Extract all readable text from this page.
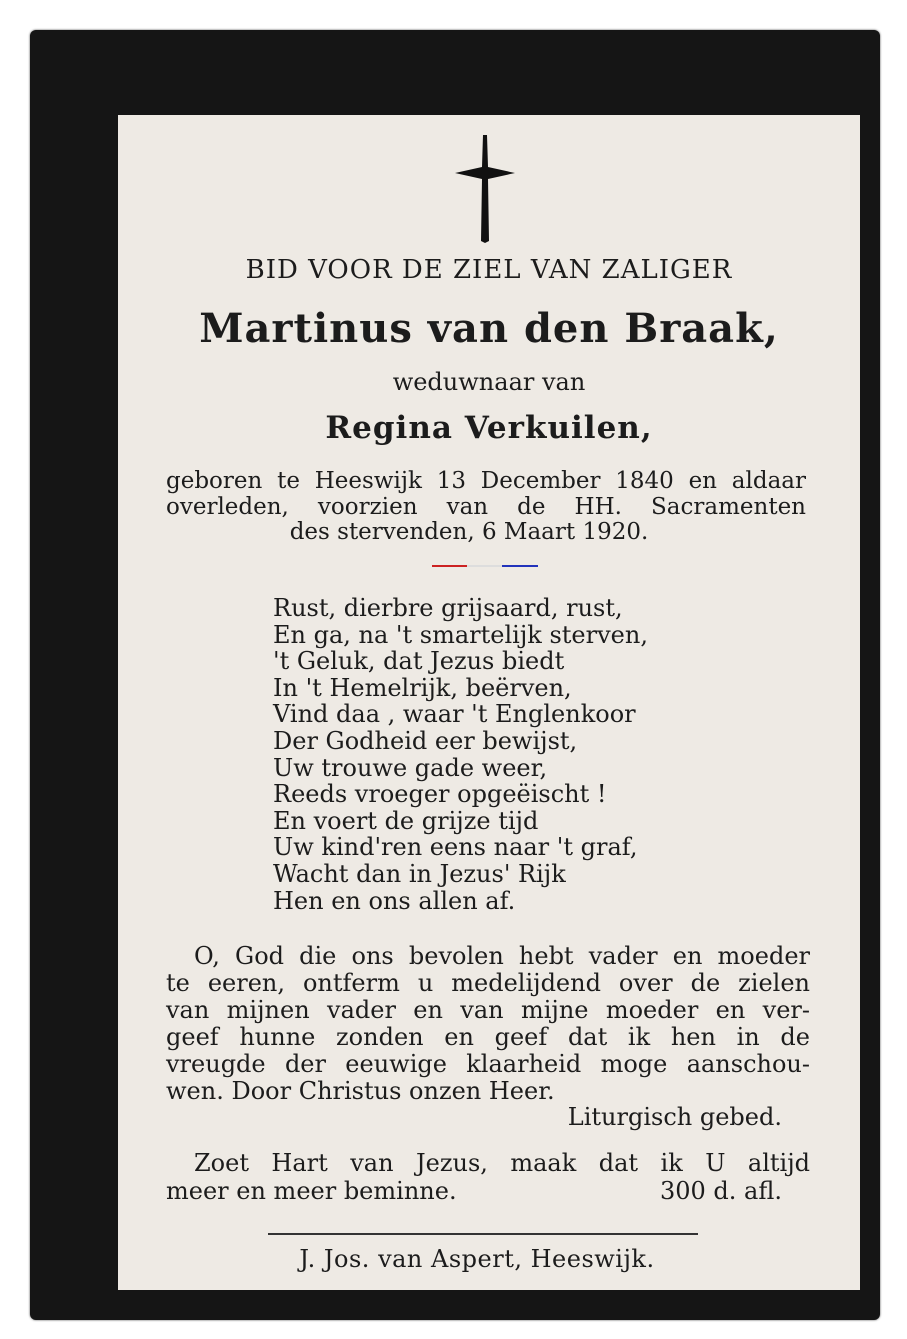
BID VOOR DE ZIEL VAN ZALIGER
Martinus van den Braak,
weduwnaar van
Regina Verkuilen,
geboren te Heeswijk 13 December 1840 en aldaar
overleden, voorzien van de HH. Sacramenten
des stervenden, 6 Maart 1920.
Rust, dierbre grijsaard, rust,
En ga, na 't smartelijk sterven,
't Geluk, dat Jezus biedt
In 't Hemelrijk, beërven,
Vind daa , waar 't Englenkoor
Der Godheid eer bewijst,
Uw trouwe gade weer,
Reeds vroeger opgeëischt !
En voert de grijze tijd
Uw kind'ren eens naar 't graf,
Wacht dan in Jezus' Rijk
Hen en ons allen af.
O, God die ons bevolen hebt vader en moeder
te eeren, ontferm u medelijdend over de zielen
van mijnen vader en van mijne moeder en ver-
geef hunne zonden en geef dat ik hen in de
vreugde der eeuwige klaarheid moge aanschou-
wen. Door Christus onzen Heer.
Liturgisch gebed.
Zoet Hart van Jezus, maak dat ik U altijd
meer en meer beminne.	300 d. afl.
J. Jos. van Aspert, Heeswijk.
